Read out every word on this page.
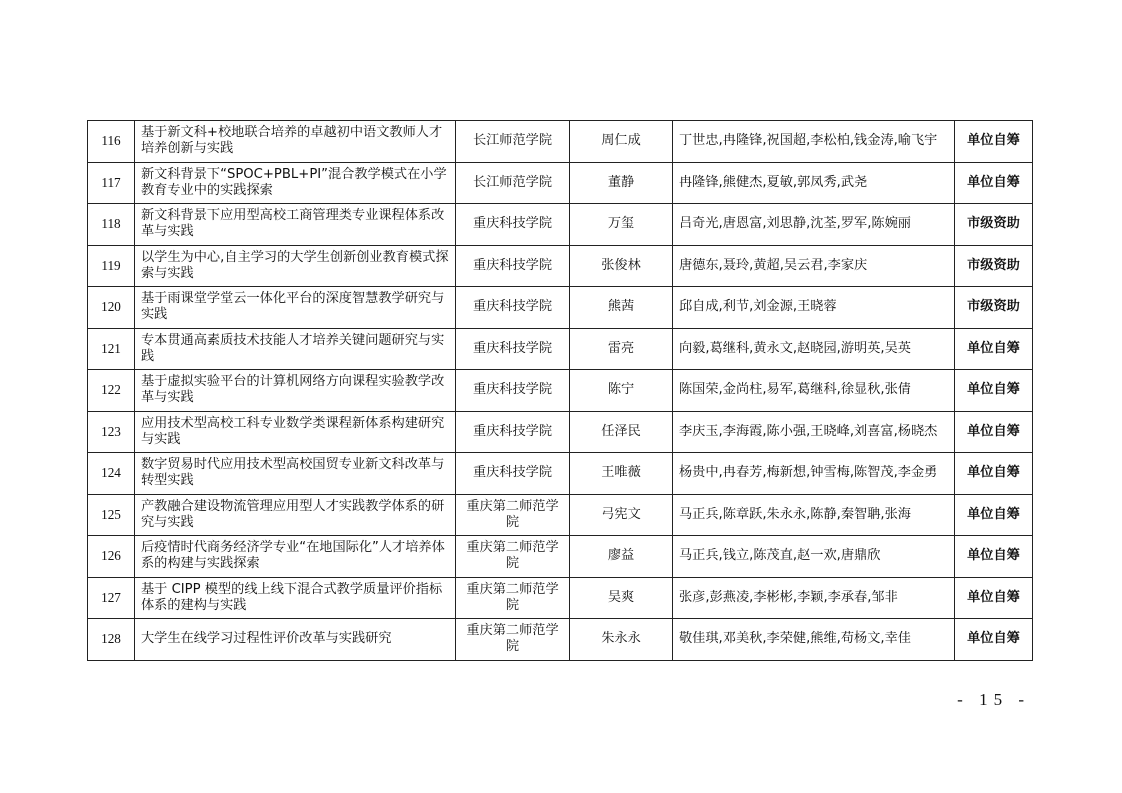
116	基于新文科+校地联合培养的卓越初中语文教师人才培养创新与实践	长江师范学院	周仁成	丁世忠,冉隆锋,祝国超,李松柏,钱金涛,喻飞宇	单位自筹
117	新文科背景下“SPOC+PBL+PI”混合教学模式在小学教育专业中的实践探索	长江师范学院	董静	冉隆锋,熊健杰,夏敏,郭凤秀,武尧	单位自筹
118	新文科背景下应用型高校工商管理类专业课程体系改革与实践	重庆科技学院	万玺	吕奇光,唐恩富,刘思静,沈荃,罗军,陈婉丽	市级资助
119	以学生为中心,自主学习的大学生创新创业教育模式探索与实践	重庆科技学院	张俊林	唐德东,聂玲,黄超,吴云君,李家庆	市级资助
120	基于雨课堂学堂云一体化平台的深度智慧教学研究与实践	重庆科技学院	熊茜	邱自成,利节,刘金源,王晓蓉	市级资助
121	专本贯通高素质技术技能人才培养关键问题研究与实践	重庆科技学院	雷亮	向毅,葛继科,黄永文,赵晓园,游明英,吴英	单位自筹
122	基于虚拟实验平台的计算机网络方向课程实验教学改革与实践	重庆科技学院	陈宁	陈国荣,金尚柱,易军,葛继科,徐显秋,张倩	单位自筹
123	应用技术型高校工科专业数学类课程新体系构建研究与实践	重庆科技学院	任泽民	李庆玉,李海霞,陈小强,王晓峰,刘喜富,杨晓杰	单位自筹
124	数字贸易时代应用技术型高校国贸专业新文科改革与转型实践	重庆科技学院	王唯薇	杨贵中,冉春芳,梅新想,钟雪梅,陈智茂,李金勇	单位自筹
125	产教融合建设物流管理应用型人才实践教学体系的研究与实践	重庆第二师范学院	弓宪文	马正兵,陈章跃,朱永永,陈静,秦智聃,张海	单位自筹
126	后疫情时代商务经济学专业“在地国际化”人才培养体系的构建与实践探索	重庆第二师范学院	廖益	马正兵,钱立,陈茂直,赵一欢,唐鼎欣	单位自筹
127	基于 CIPP 模型的线上线下混合式教学质量评价指标体系的建构与实践	重庆第二师范学院	吴爽	张彦,彭燕凌,李彬彬,李颖,李承春,邹非	单位自筹
128	大学生在线学习过程性评价改革与实践研究	重庆第二师范学院	朱永永	敬佳琪,邓美秋,李荣健,熊维,苟杨文,幸佳	单位自筹
- 15 -
